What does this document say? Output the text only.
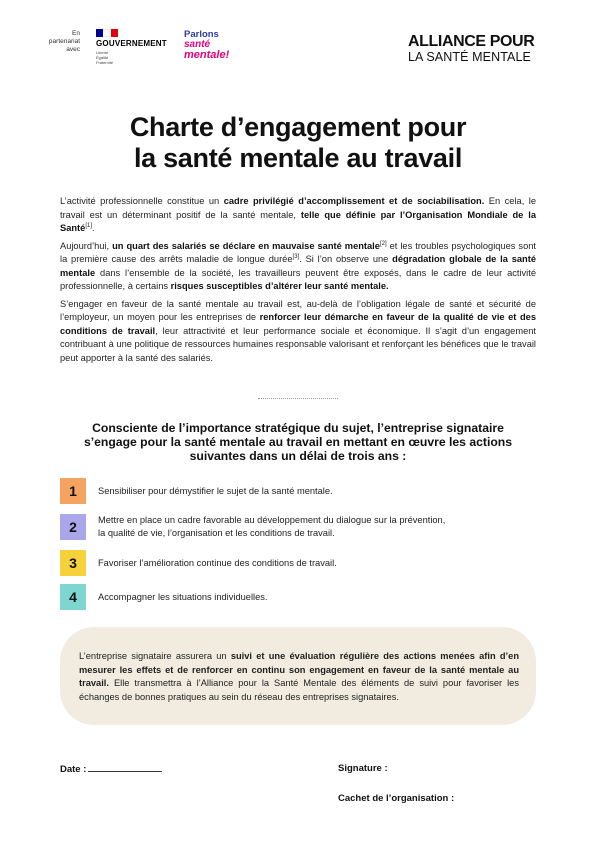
En
partenariat
avec
GOUVERNEMENT
Liberté
Égalité
Fraternité
Parlons
santé
mentale!
ALLIANCE POUR
LA SANTÉ MENTALE
Charte d’engagement pour
la santé mentale au travail

L’activité professionnelle constitue un cadre privilégié d’accomplissement et de sociabilisation. En cela, le travail est un déterminant positif de la santé mentale, telle que définie par l’Organisation Mondiale de la Santé[1].

Aujourd’hui, un quart des salariés se déclare en mauvaise santé mentale[2] et les troubles psychologiques sont la première cause des arrêts maladie de longue durée[3]. Si l’on observe une dégradation globale de la santé mentale dans l’ensemble de la société, les travailleurs peuvent être exposés, dans le cadre de leur activité professionnelle, à certains risques susceptibles d’altérer leur santé mentale.

S’engager en faveur de la santé mentale au travail est, au-delà de l’obligation légale de santé et sécurité de l’employeur, un moyen pour les entreprises de renforcer leur démarche en faveur de la qualité de vie et des conditions de travail, leur attractivité et leur performance sociale et économique. Il s’agit d’un engagement contribuant à une politique de ressources humaines responsable valorisant et renforçant les bénéfices que le travail peut apporter à la santé des salariés.

Consciente de l’importance stratégique du sujet, l’entreprise signataire
s’engage pour la santé mentale au travail en mettant en œuvre les actions
suivantes dans un délai de trois ans :
1	Sensibiliser pour démystifier le sujet de la santé mentale.
2	Mettre en place un cadre favorable au développement du dialogue sur la prévention,
la qualité de vie, l’organisation et les conditions de travail.
3	Favoriser l’amélioration continue des conditions de travail.
4	Accompagner les situations individuelles.
L’entreprise signataire assurera un suivi et une évaluation régulière des actions menées afin d’en mesurer les effets et de renforcer en continu son engagement en faveur de la santé mentale au travail. Elle transmettra à l’Alliance pour la Santé Mentale des éléments de suivi pour favoriser les échanges de bonnes pratiques au sein du réseau des entreprises signataires.
Date :	Signature :
Cachet de l’organisation :
